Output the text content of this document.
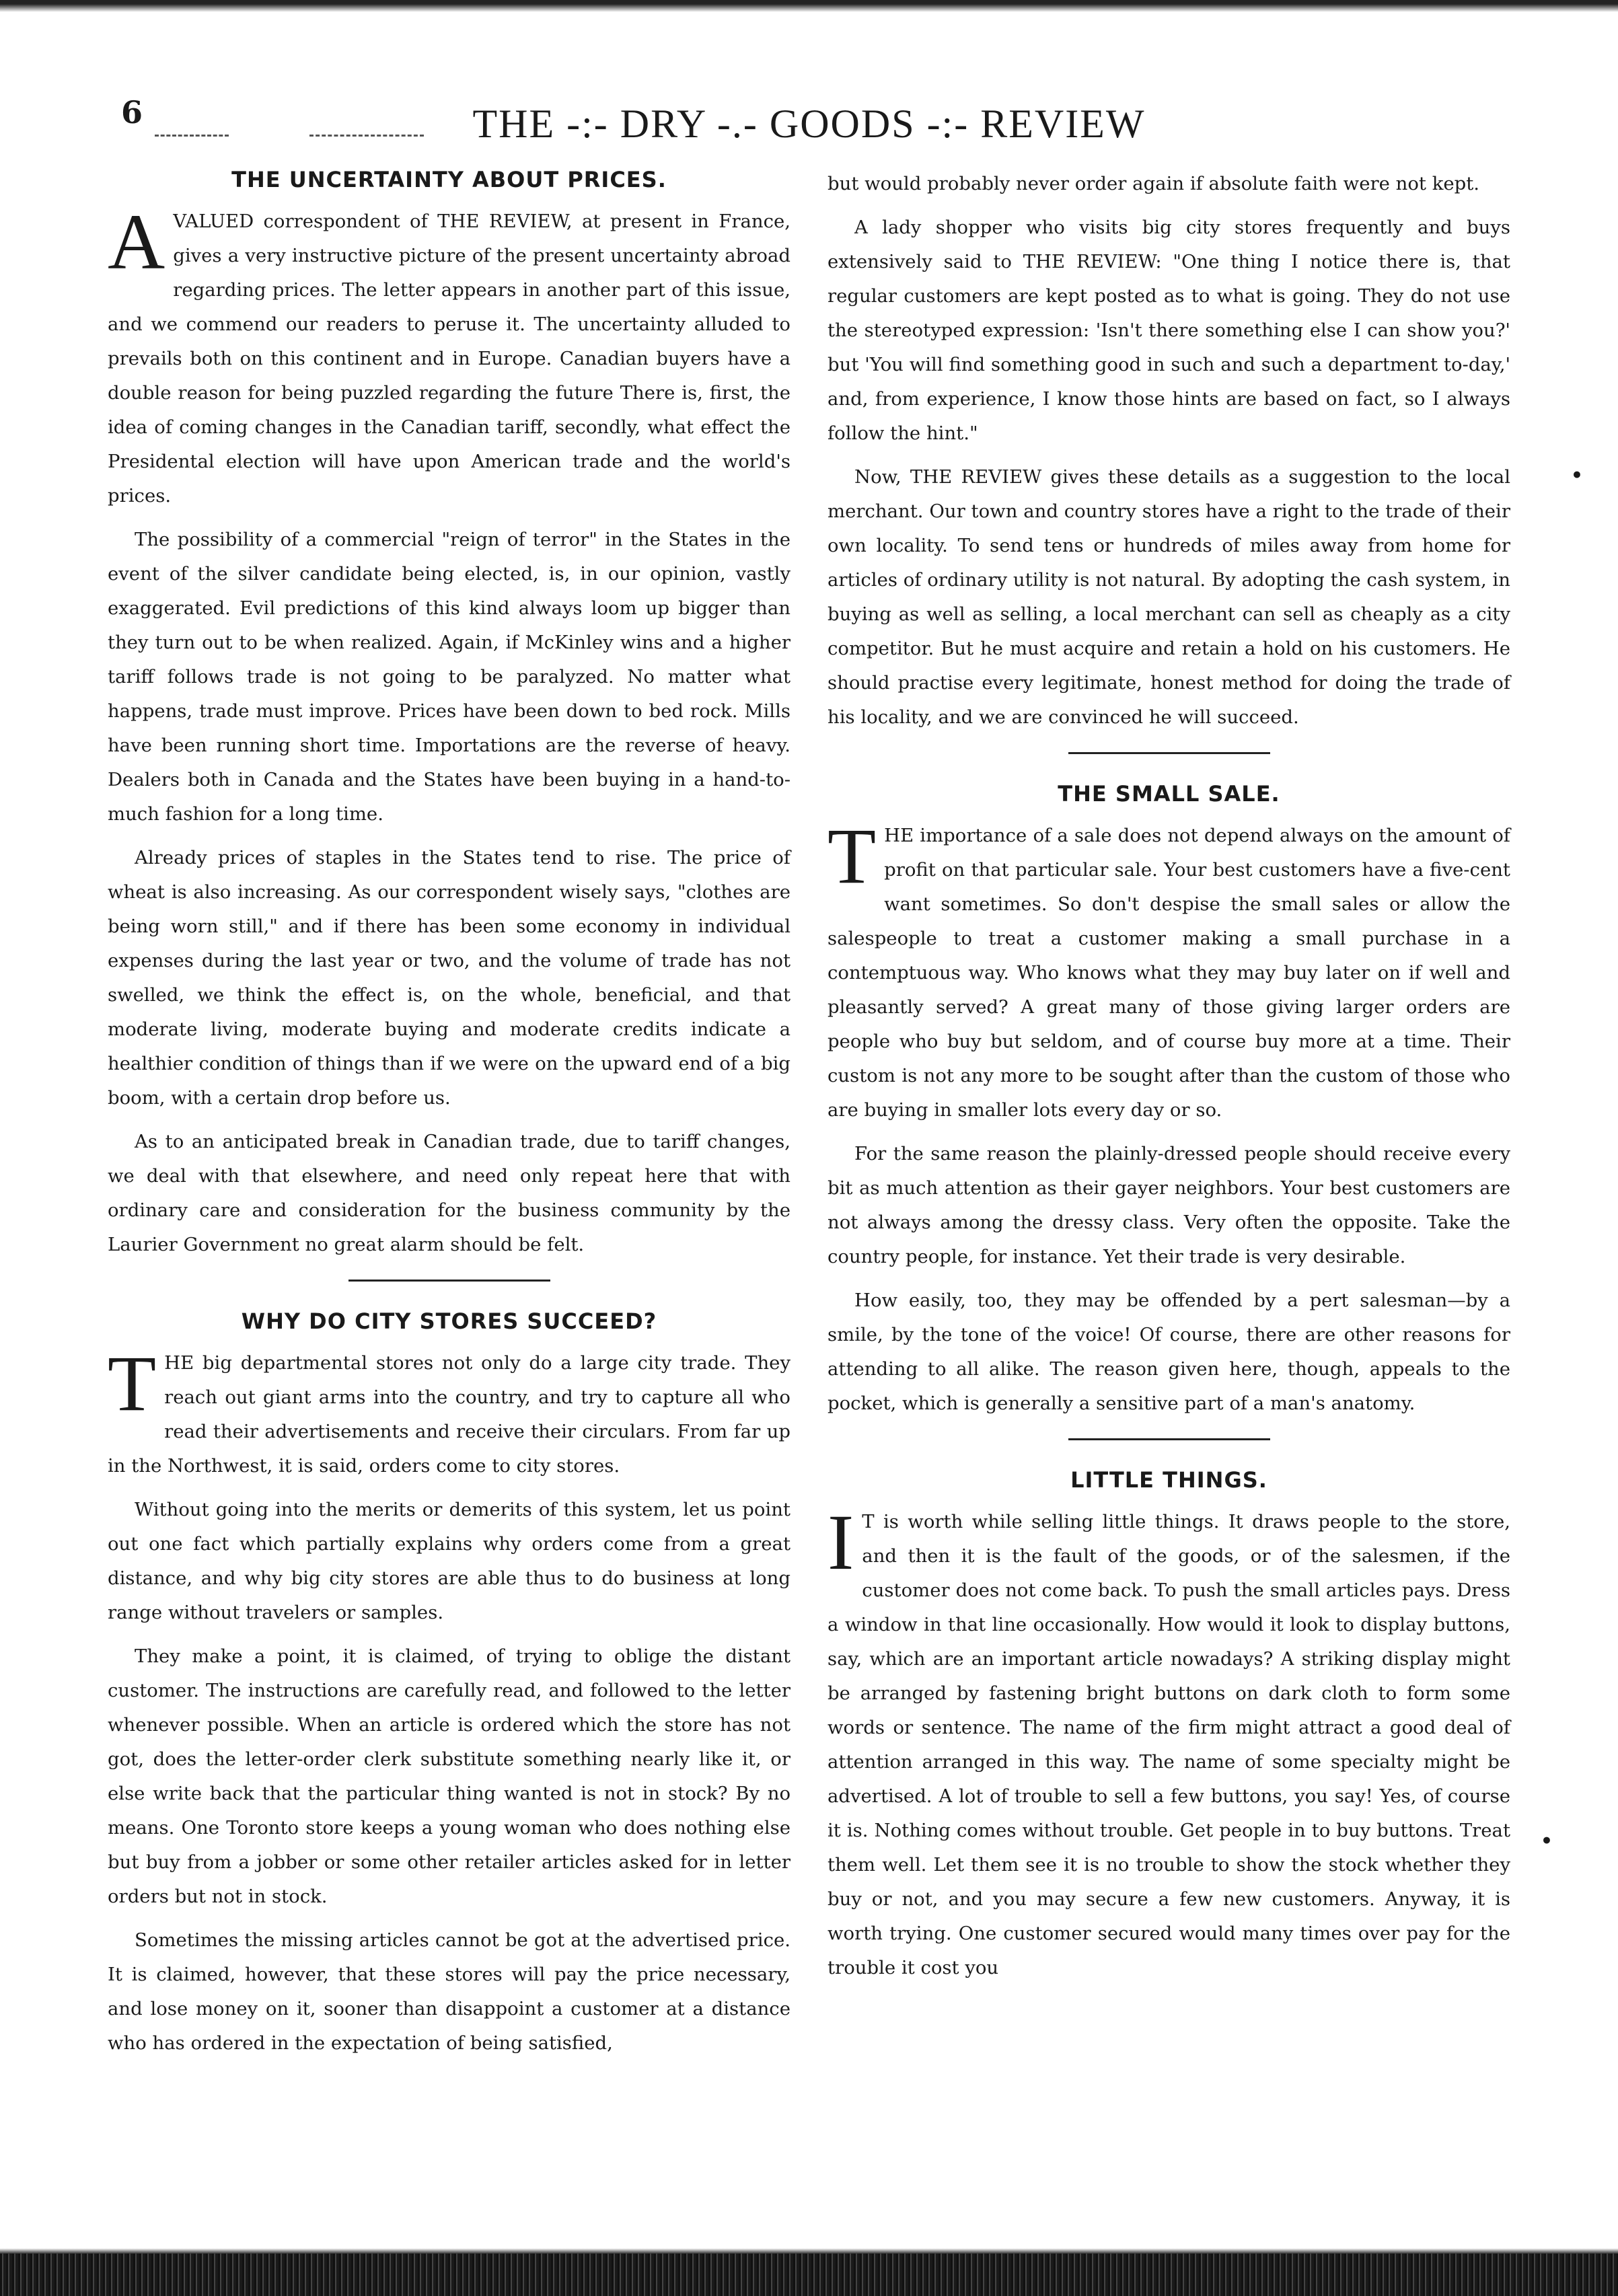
6	THE -:- DRY -.- GOODS -:- REVIEW
THE UNCERTAINTY ABOUT PRICES.

AVALUED correspondent of THE REVIEW, at present in France, gives a very instructive picture of the present uncertainty abroad regarding prices. The letter appears in another part of this issue, and we commend our readers to peruse it. The uncertainty alluded to prevails both on this continent and in Europe. Canadian buyers have a double reason for being puzzled regarding the future There is, first, the idea of coming changes in the Canadian tariff, secondly, what effect the Presidental election will have upon American trade and the world's prices.

The possibility of a commercial "reign of terror" in the States in the event of the silver candidate being elected, is, in our opinion, vastly exaggerated. Evil predictions of this kind always loom up bigger than they turn out to be when realized. Again, if McKinley wins and a higher tariff follows trade is not going to be paralyzed. No matter what happens, trade must improve. Prices have been down to bed rock. Mills have been running short time. Importations are the reverse of heavy. Dealers both in Canada and the States have been buying in a hand-to-much fashion for a long time.

Already prices of staples in the States tend to rise. The price of wheat is also increasing. As our correspondent wisely says, "clothes are being worn still," and if there has been some economy in individual expenses during the last year or two, and the volume of trade has not swelled, we think the effect is, on the whole, beneficial, and that moderate living, moderate buying and moderate credits indicate a healthier condition of things than if we were on the upward end of a big boom, with a certain drop before us.

As to an anticipated break in Canadian trade, due to tariff changes, we deal with that elsewhere, and need only repeat here that with ordinary care and consideration for the business community by the Laurier Government no great alarm should be felt.

WHY DO CITY STORES SUCCEED?

THE big departmental stores not only do a large city trade. They reach out giant arms into the country, and try to capture all who read their advertisements and receive their circulars. From far up in the Northwest, it is said, orders come to city stores.

Without going into the merits or demerits of this system, let us point out one fact which partially explains why orders come from a great distance, and why big city stores are able thus to do business at long range without travelers or samples.

They make a point, it is claimed, of trying to oblige the distant customer. The instructions are carefully read, and followed to the letter whenever possible. When an article is ordered which the store has not got, does the letter-order clerk substitute something nearly like it, or else write back that the particular thing wanted is not in stock? By no means. One Toronto store keeps a young woman who does nothing else but buy from a jobber or some other retailer articles asked for in letter orders but not in stock.

Sometimes the missing articles cannot be got at the advertised price. It is claimed, however, that these stores will pay the price necessary, and lose money on it, sooner than disappoint a customer at a distance who has ordered in the expectation of being satisfied,

but would probably never order again if absolute faith were not kept.

A lady shopper who visits big city stores frequently and buys extensively said to THE REVIEW: "One thing I notice there is, that regular customers are kept posted as to what is going. They do not use the stereotyped expression: 'Isn't there something else I can show you?' but 'You will find something good in such and such a department to-day,' and, from experience, I know those hints are based on fact, so I always follow the hint."

Now, THE REVIEW gives these details as a suggestion to the local merchant. Our town and country stores have a right to the trade of their own locality. To send tens or hundreds of miles away from home for articles of ordinary utility is not natural. By adopting the cash system, in buying as well as selling, a local merchant can sell as cheaply as a city competitor. But he must acquire and retain a hold on his customers. He should practise every legitimate, honest method for doing the trade of his locality, and we are convinced he will succeed.

THE SMALL SALE.

THE importance of a sale does not depend always on the amount of profit on that particular sale. Your best customers have a five-cent want sometimes. So don't despise the small sales or allow the salespeople to treat a customer making a small purchase in a contemptuous way. Who knows what they may buy later on if well and pleasantly served? A great many of those giving larger orders are people who buy but seldom, and of course buy more at a time. Their custom is not any more to be sought after than the custom of those who are buying in smaller lots every day or so.

For the same reason the plainly-dressed people should receive every bit as much attention as their gayer neighbors. Your best customers are not always among the dressy class. Very often the opposite. Take the country people, for instance. Yet their trade is very desirable.

How easily, too, they may be offended by a pert salesman—by a smile, by the tone of the voice! Of course, there are other reasons for attending to all alike. The reason given here, though, appeals to the pocket, which is generally a sensitive part of a man's anatomy.

LITTLE THINGS.

I T is worth while selling little things. It draws people to the store, and then it is the fault of the goods, or of the salesmen, if the customer does not come back. To push the small articles pays. Dress a window in that line occasionally. How would it look to display buttons, say, which are an important article nowadays? A striking display might be arranged by fastening bright buttons on dark cloth to form some words or sentence. The name of the firm might attract a good deal of attention arranged in this way. The name of some specialty might be advertised. A lot of trouble to sell a few buttons, you say! Yes, of course it is. Nothing comes without trouble. Get people in to buy buttons. Treat them well. Let them see it is no trouble to show the stock whether they buy or not, and you may secure a few new customers. Anyway, it is worth trying. One customer secured would many times over pay for the trouble it cost you

•
•
